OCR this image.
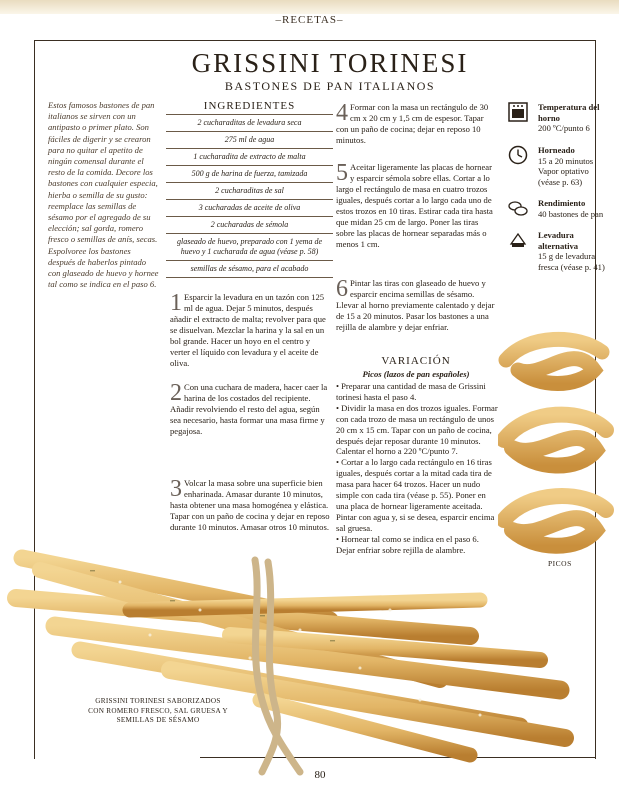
–RECETAS–
GRISSINI TORINESI
BASTONES DE PAN ITALIANOS
Estos famosos bastones de pan italianos se sirven con un antipasto o primer plato. Son fáciles de digerir y se crearon para no quitar el apetito de ningún comensal durante el resto de la comida. Decore los bastones con cualquier especia, hierba o semilla de su gusto: reemplace las semillas de sésamo por el agregado de su elección; sal gorda, romero fresco o semillas de anís, secas. Espolvoree los bastones después de haberlos pintado con glaseado de huevo y hornee tal como se indica en el paso 6.
INGREDIENTES
2 cucharaditas de levadura seca
275 ml de agua
1 cucharadita de extracto de malta
500 g de harina de fuerza, tamizada
2 cucharaditas de sal
3 cucharadas de aceite de oliva
2 cucharadas de sémola
glaseado de huevo, preparado con 1 yema de huevo y 1 cucharada de agua (véase p. 58)
semillas de sésamo, para el acabado
1 Esparcir la levadura en un tazón con 125 ml de agua. Dejar 5 minutos, después añadir el extracto de malta; revolver para que se disuelvan. Mezclar la harina y la sal en un bol grande. Hacer un hoyo en el centro y verter el líquido con levadura y el aceite de oliva.
2 Con una cuchara de madera, hacer caer la harina de los costados del recipiente. Añadir revolviendo el resto del agua, según sea necesario, hasta formar una masa firme y pegajosa.
3 Volcar la masa sobre una superficie bien enharinada. Amasar durante 10 minutos, hasta obtener una masa homogénea y elástica. Tapar con un paño de cocina y dejar en reposo durante 10 minutos. Amasar otros 10 minutos.
4 Formar con la masa un rectángulo de 30 cm x 20 cm y 1,5 cm de espesor. Tapar con un paño de cocina; dejar en reposo 10 minutos.
5 Aceitar ligeramente las placas de hornear y esparcir sémola sobre ellas. Cortar a lo largo el rectángulo de masa en cuatro trozos iguales, después cortar a lo largo cada uno de estos trozos en 10 tiras. Estirar cada tira hasta que midan 25 cm de largo. Poner las tiras sobre las placas de hornear separadas más o menos 1 cm.
6 Pintar las tiras con glaseado de huevo y esparcir encima semillas de sésamo. Llevar al horno previamente calentado y dejar de 15 a 20 minutos. Pasar los bastones a una rejilla de alambre y dejar enfriar.
VARIACIÓN
Picos (lazos de pan españoles)
• Preparar una cantidad de masa de Grissini torinesi hasta el paso 4.
• Dividir la masa en dos trozos iguales. Formar con cada trozo de masa un rectángulo de unos 20 cm x 15 cm. Tapar con un paño de cocina, después dejar reposar durante 10 minutos. Calentar el horno a 220 ºC/punto 7.
• Cortar a lo largo cada rectángulo en 16 tiras iguales, después cortar a la mitad cada tira de masa para hacer 64 trozos. Hacer un nudo simple con cada tira (véase p. 55). Poner en una placa de hornear ligeramente aceitada. Pintar con agua y, si se desea, esparcir encima sal gruesa.
• Hornear tal como se indica en el paso 6. Dejar enfriar sobre rejilla de alambre.
Temperatura del horno
200 ºC/punto 6
Horneado
15 a 20 minutos Vapor optativo (véase p. 63)
Rendimiento
40 bastones de pan
Levadura alternativa
15 g de levadura fresca (véase p. 41)
PICOS
GRISSINI TORINESI SABORIZADOS CON ROMERO FRESCO, SAL GRUESA Y SEMILLAS DE SÉSAMO
80
